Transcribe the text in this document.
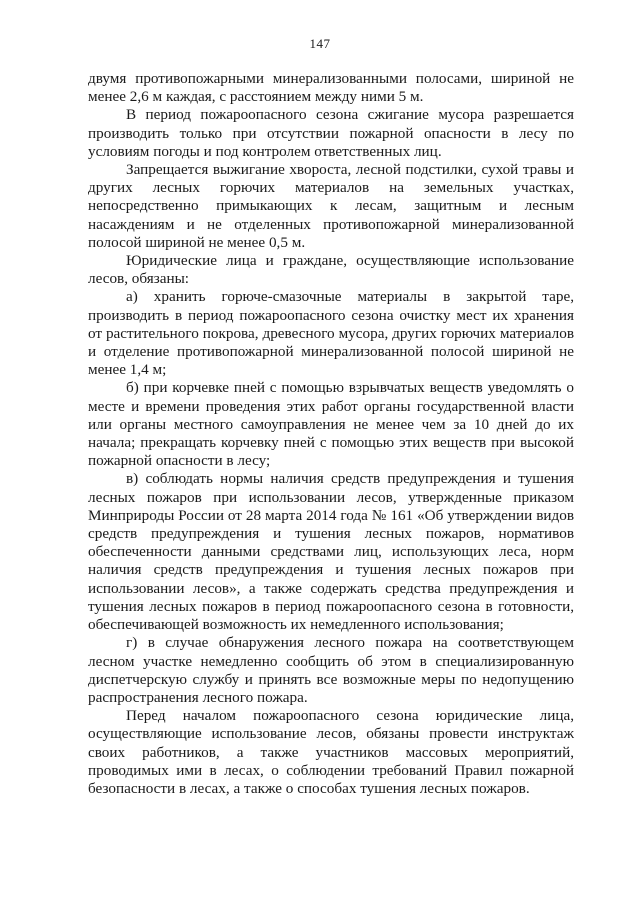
147

двумя противопожарными минерализованными полосами, шириной не менее 2,6 м каждая, с расстоянием между ними 5 м.

В период пожароопасного сезона сжигание мусора разрешается производить только при отсутствии пожарной опасности в лесу по условиям погоды и под контролем ответственных лиц.

Запрещается выжигание хвороста, лесной подстилки, сухой травы и других лесных горючих материалов на земельных участках, непосредственно примыкающих к лесам, защитным и лесным насаждениям и не отделенных противопожарной минерализованной полосой шириной не менее 0,5 м.

Юридические лица и граждане, осуществляющие использование лесов, обязаны:

а) хранить горюче-смазочные материалы в закрытой таре, производить в период пожароопасного сезона очистку мест их хранения от растительного покрова, древесного мусора, других горючих материалов и отделение противопожарной минерализованной полосой шириной не менее 1,4 м;

б) при корчевке пней с помощью взрывчатых веществ уведомлять о месте и времени проведения этих работ органы государственной власти или органы местного самоуправления не менее чем за 10 дней до их начала; прекращать корчевку пней с помощью этих веществ при высокой пожарной опасности в лесу;

в) соблюдать нормы наличия средств предупреждения и тушения лесных пожаров при использовании лесов, утвержденные приказом Минприроды России от 28 марта 2014 года № 161 «Об утверждении видов средств предупреждения и тушения лесных пожаров, нормативов обеспеченности данными средствами лиц, использующих леса, норм наличия средств предупреждения и тушения лесных пожаров при использовании лесов», а также содержать средства предупреждения и тушения лесных пожаров в период пожароопасного сезона в готовности, обеспечивающей возможность их немедленного использования;

г) в случае обнаружения лесного пожара на соответствующем лесном участке немедленно сообщить об этом в специализированную диспетчерскую службу и принять все возможные меры по недопущению распространения лесного пожара.

Перед началом пожароопасного сезона юридические лица, осуществляющие использование лесов, обязаны провести инструктаж своих работников, а также участников массовых мероприятий, проводимых ими в лесах, о соблюдении требований Правил пожарной безопасности в лесах, а также о способах тушения лесных пожаров.
